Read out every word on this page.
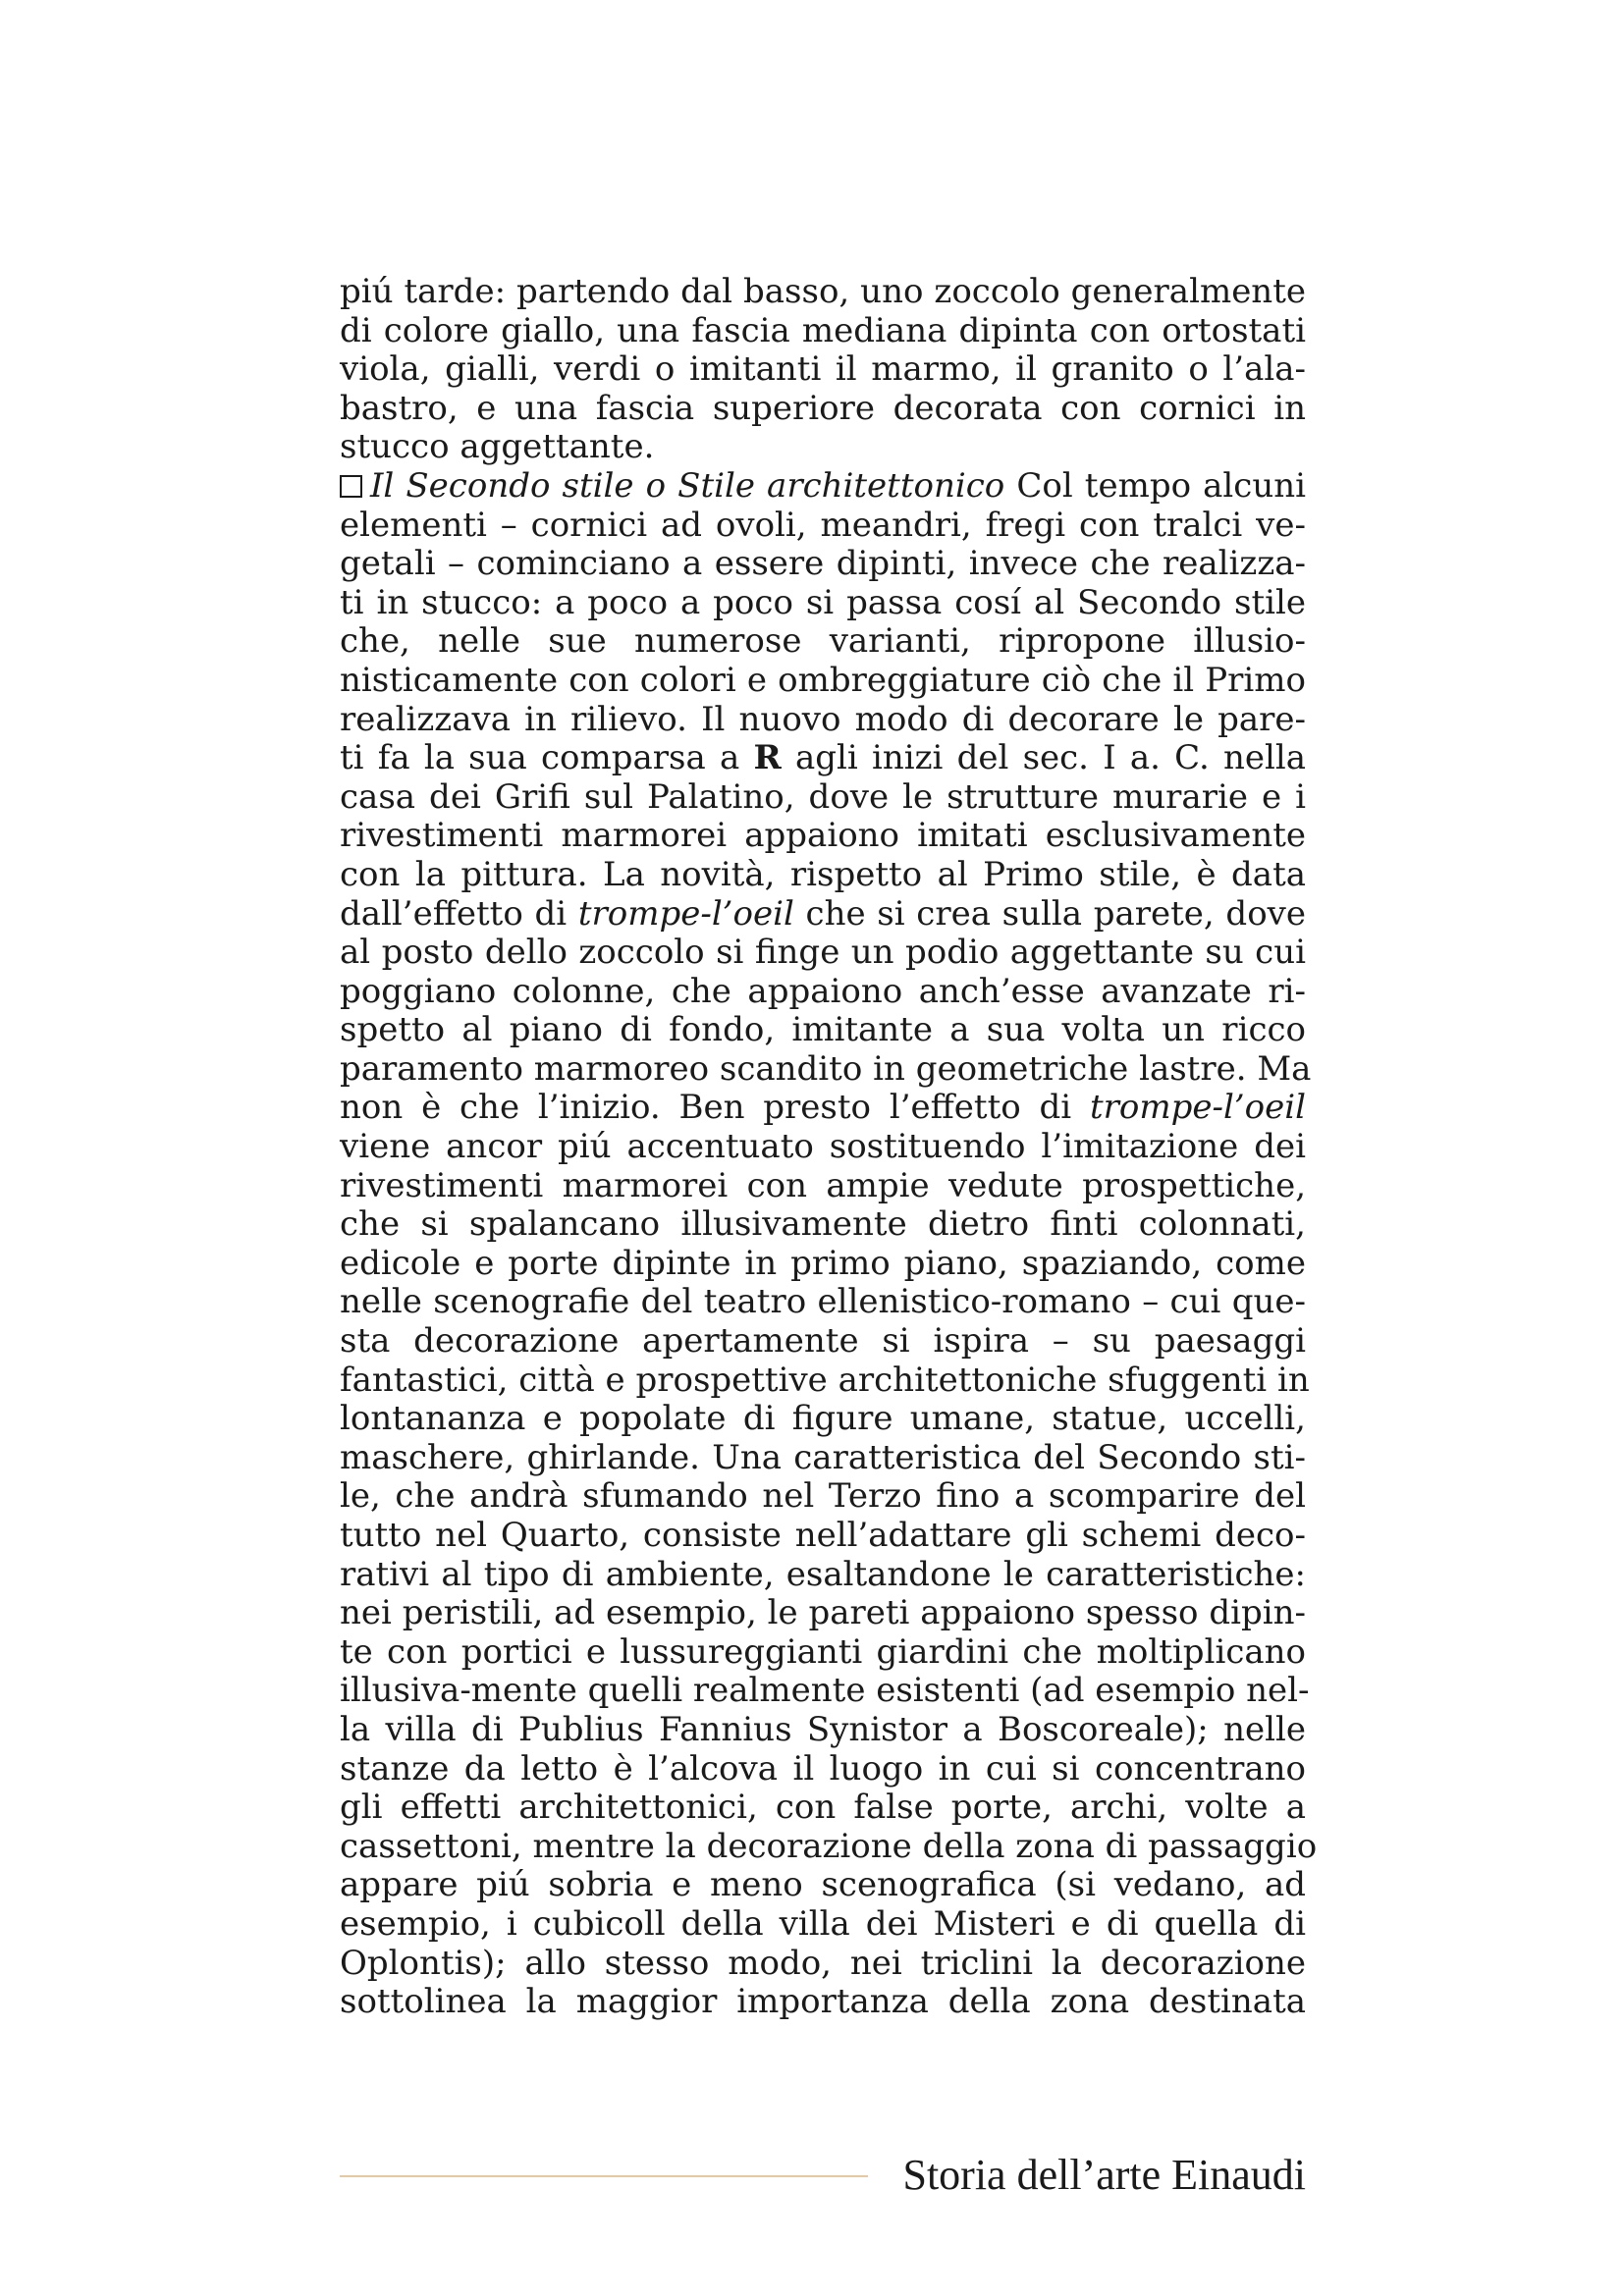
piú tarde: partendo dal basso, uno zoccolo generalmente
di colore giallo, una fascia mediana dipinta con ortostati
viola, gialli, verdi o imitanti il marmo, il granito o l’ala-
bastro, e una fascia superiore decorata con cornici in
stucco aggettante.
Il Secondo stile o Stile architettonico Col tempo alcuni
elementi – cornici ad ovoli, meandri, fregi con tralci ve-
getali – cominciano a essere dipinti, invece che realizza-
ti in stucco: a poco a poco si passa cosí al Secondo stile
che, nelle sue numerose varianti, ripropone illusio-
nisticamente con colori e ombreggiature ciò che il Primo
realizzava in rilievo. Il nuovo modo di decorare le pare-
ti fa la sua comparsa a R agli inizi del sec. I a. C. nella
casa dei Grifi sul Palatino, dove le strutture murarie e i
rivestimenti marmorei appaiono imitati esclusivamente
con la pittura. La novità, rispetto al Primo stile, è data
dall’effetto di trompe-l’oeil che si crea sulla parete, dove
al posto dello zoccolo si finge un podio aggettante su cui
poggiano colonne, che appaiono anch’esse avanzate ri-
spetto al piano di fondo, imitante a sua volta un ricco
paramento marmoreo scandito in geometriche lastre. Ma
non è che l’inizio. Ben presto l’effetto di trompe-l’oeil
viene ancor piú accentuato sostituendo l’imitazione dei
rivestimenti marmorei con ampie vedute prospettiche,
che si spalancano illusivamente dietro finti colonnati,
edicole e porte dipinte in primo piano, spaziando, come
nelle scenografie del teatro ellenistico-romano – cui que-
sta decorazione apertamente si ispira – su paesaggi
fantastici, città e prospettive architettoniche sfuggenti in
lontananza e popolate di figure umane, statue, uccelli,
maschere, ghirlande. Una caratteristica del Secondo sti-
le, che andrà sfumando nel Terzo fino a scomparire del
tutto nel Quarto, consiste nell’adattare gli schemi deco-
rativi al tipo di ambiente, esaltandone le caratteristiche:
nei peristili, ad esempio, le pareti appaiono spesso dipin-
te con portici e lussureggianti giardini che moltiplicano
illusiva-mente quelli realmente esistenti (ad esempio nel-
la villa di Publius Fannius Synistor a Boscoreale); nelle
stanze da letto è l’alcova il luogo in cui si concentrano
gli effetti architettonici, con false porte, archi, volte a
cassettoni, mentre la decorazione della zona di passaggio
appare piú sobria e meno scenografica (si vedano, ad
esempio, i cubicoll della villa dei Misteri e di quella di
Oplontis); allo stesso modo, nei triclini la decorazione
sottolinea la maggior importanza della zona destinata
Storia dell’arte Einaudi
